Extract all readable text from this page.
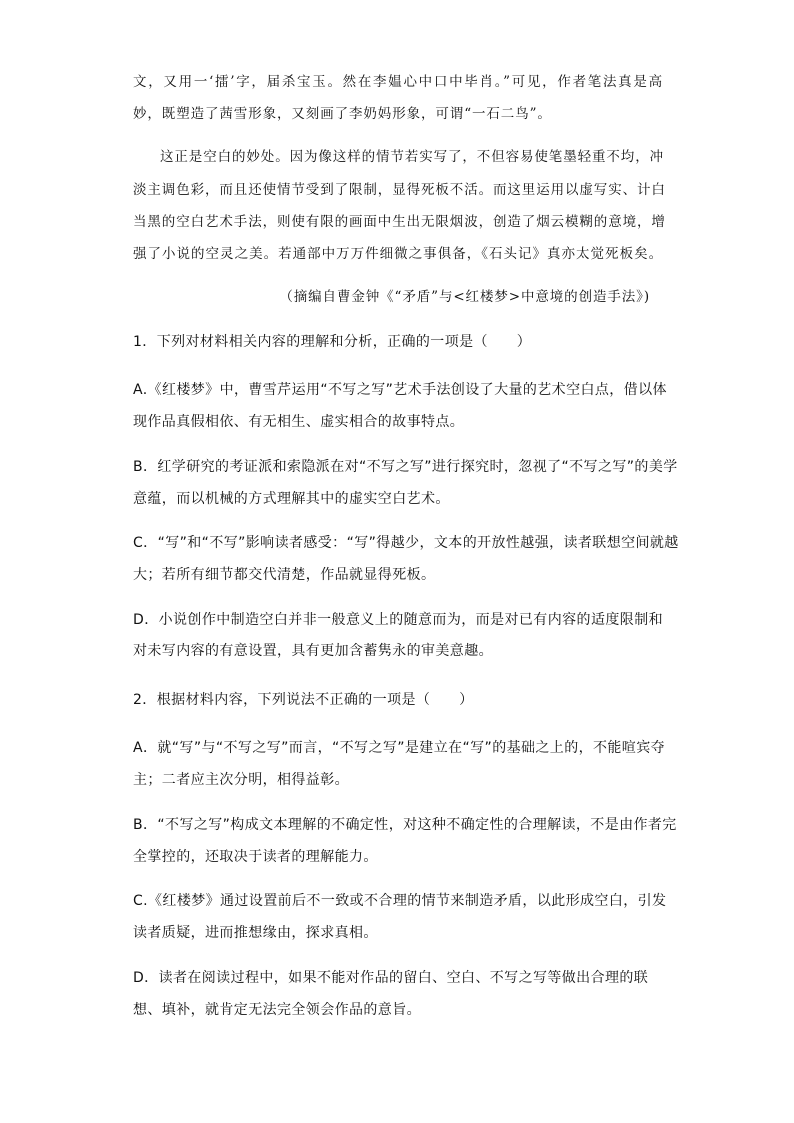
文，又用一‘擂’字，届杀宝玉。然在李媪心中口中毕肖。”可见，作者笔法真是高
妙，既塑造了茜雪形象，又刻画了李奶妈形象，可谓“一石二鸟”。
这正是空白的妙处。因为像这样的情节若实写了，不但容易使笔墨轻重不均，冲
淡主调色彩，而且还使情节受到了限制，显得死板不活。而这里运用以虚写实、计白
当黑的空白艺术手法，则使有限的画面中生出无限烟波，创造了烟云模糊的意境，增
强了小说的空灵之美。若通部中万万件细微之事俱备，《石头记》真亦太觉死板矣。
（摘编自曹金钟《“矛盾”与<红楼梦>中意境的创造手法》)
1．下列对材料相关内容的理解和分析，正确的一项是（　　）
A.《红楼梦》中，曹雪芹运用“不写之写”艺术手法创设了大量的艺术空白点，借以体
现作品真假相依、有无相生、虚实相合的故事特点。
B．红学研究的考证派和索隐派在对“不写之写”进行探究时，忽视了“不写之写”的美学
意蕴，而以机械的方式理解其中的虚实空白艺术。
C．“写”和“不写”影响读者感受：“写”得越少，文本的开放性越强，读者联想空间就越
大；若所有细节都交代清楚，作品就显得死板。
D．小说创作中制造空白并非一般意义上的随意而为，而是对已有内容的适度限制和
对未写内容的有意设置，具有更加含蓄隽永的审美意趣。
2．根据材料内容，下列说法不正确的一项是（　　）
A．就“写”与“不写之写”而言，“不写之写”是建立在“写”的基础之上的，不能喧宾夺
主；二者应主次分明，相得益彰。
B．“不写之写”构成文本理解的不确定性，对这种不确定性的合理解读，不是由作者完
全掌控的，还取决于读者的理解能力。
C.《红楼梦》通过设置前后不一致或不合理的情节来制造矛盾，以此形成空白，引发
读者质疑，进而推想缘由，探求真相。
D．读者在阅读过程中，如果不能对作品的留白、空白、不写之写等做出合理的联
想、填补，就肯定无法完全领会作品的意旨。
